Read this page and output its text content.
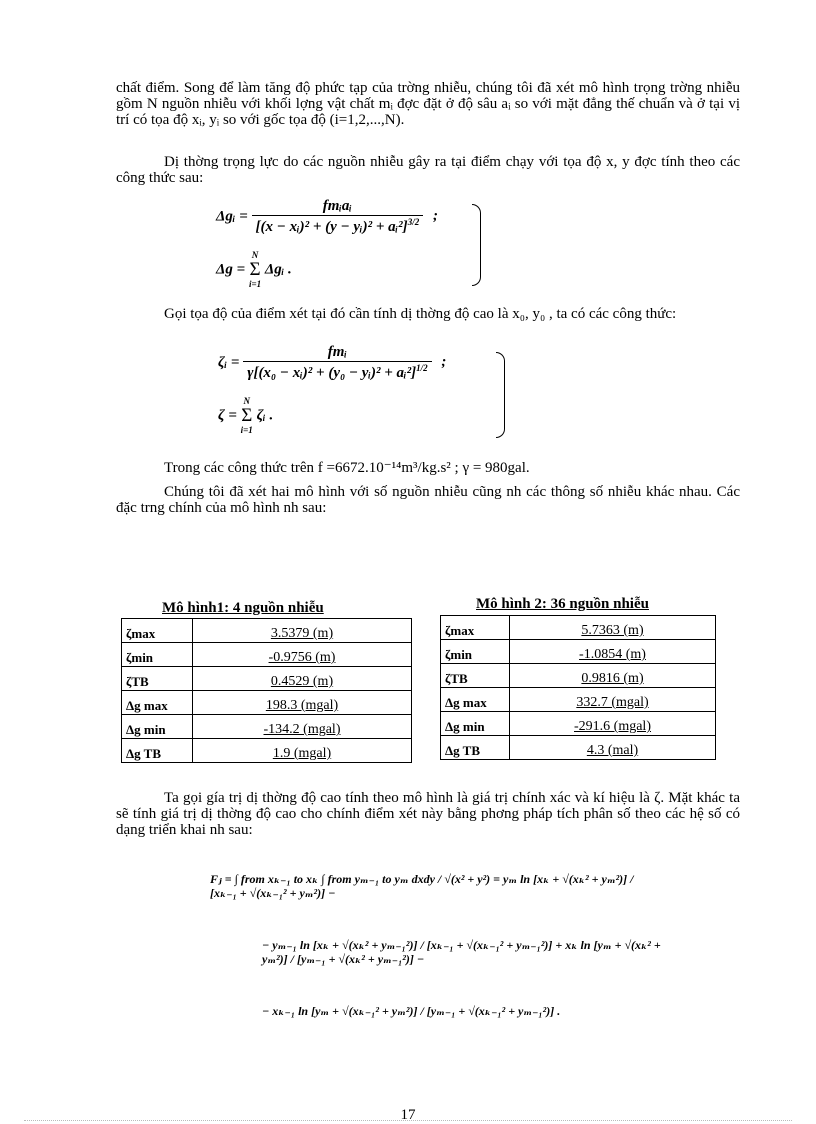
chất điểm. Song để làm tăng độ phức tạp của trờng nhiễu, chúng tôi đã xét mô hình trọng trờng nhiễu gồm N nguồn nhiễu với khối lợng vật chất mᵢ đợc đặt ở độ sâu aᵢ so với mặt đẳng thế chuẩn và ở tại vị trí có tọa độ xᵢ, yᵢ so với gốc tọa độ (i=1,2,...,N).

Dị thờng trọng lực do các nguồn nhiễu gây ra tại điểm chạy với tọa độ x, y đợc tính theo các công thức sau:

Δgᵢ = $\frac{\text{fmᵢaᵢ}}{[(x - xᵢ)^2 + (y - yᵢ)^2 + aᵢ^2]^{3/2}}$ ;
Δg =
N
Σ
i=1
Δgᵢ .

Gọi tọa độ của điểm xét tại đó cần tính dị thờng độ cao là x₀, y₀ , ta có các công thức:

ζᵢ = $\frac{\text{fmᵢ}}{\gamma[(x_0 - xᵢ)^2 + (y_0 - yᵢ)^2 + aᵢ^2]^{1/2}}$ ;
ζ =
N
Σ
i=1
ζᵢ .

Trong các công thức trên f =6672.10⁻¹⁴m³/kg.s² ; γ = 980gal.

Chúng tôi đã xét hai mô hình với số nguồn nhiễu cũng nh các thông số nhiễu khác nhau. Các đặc trng chính của mô hình nh sau:

Mô hình1: 4 nguồn nhiễu
ζmax	3.5379 (m)
ζmin	-0.9756 (m)
ζTB	0.4529 (m)
Δg max	198.3 (mgal)
Δg min	-134.2 (mgal)
Δg TB	1.9 (mgal)
Mô hình 2: 36 nguồn nhiễu
ζmax	5.7363 (m)
ζmin	-1.0854 (m)
ζTB	0.9816 (m)
Δg max	332.7 (mgal)
Δg min	-291.6 (mgal)
Δg TB	4.3 (mal)

Ta gọi gía trị dị thờng độ cao tính theo mô hình là giá trị chính xác và kí hiệu là ζ. Mặt khác ta sẽ tính giá trị dị thờng độ cao cho chính điểm xét này bằng phơng pháp tích phân số theo các hệ số có dạng triển khai nh sau:

Fⱼ = ∫ from xₖ₋₁ to xₖ ∫ from yₘ₋₁ to yₘ dxdy / √(x² + y²) = yₘ ln [xₖ + √(xₖ² + yₘ²)] / [xₖ₋₁ + √(xₖ₋₁² + yₘ²)] −
− yₘ₋₁ ln [xₖ + √(xₖ² + yₘ₋₁²)] / [xₖ₋₁ + √(xₖ₋₁² + yₘ₋₁²)] + xₖ ln [yₘ + √(xₖ² + yₘ²)] / [yₘ₋₁ + √(xₖ² + yₘ₋₁²)] −
− xₖ₋₁ ln [yₘ + √(xₖ₋₁² + yₘ²)] / [yₘ₋₁ + √(xₖ₋₁² + yₘ₋₁²)] .
17
